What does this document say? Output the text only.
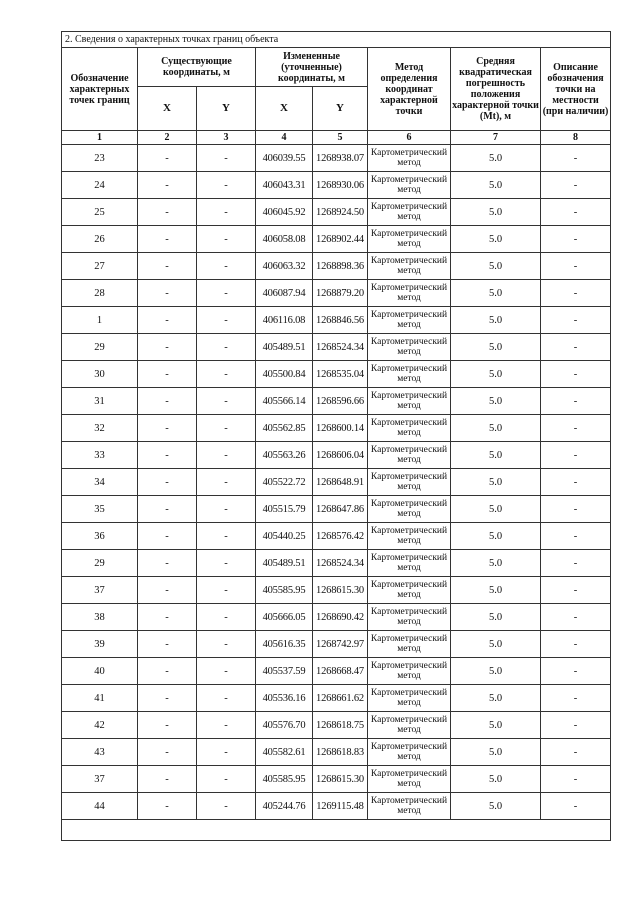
2. Сведения о характерных точках границ объекта							
Обозначение характерных точек границ	Существующие координаты, м		Измененные (уточненные) координаты, м		Метод определения координат характерной точки	Средняя квадратическая погрешность положения характерной точки (Mt), м	Описание обозначения точки на местности (при наличии)
	X	Y	X	Y			
1	2	3	4	5	6	7	8
23	-	-	406039.55	1268938.07	Картометрический метод	5.0	-
24	-	-	406043.31	1268930.06	Картометрический метод	5.0	-
25	-	-	406045.92	1268924.50	Картометрический метод	5.0	-
26	-	-	406058.08	1268902.44	Картометрический метод	5.0	-
27	-	-	406063.32	1268898.36	Картометрический метод	5.0	-
28	-	-	406087.94	1268879.20	Картометрический метод	5.0	-
1	-	-	406116.08	1268846.56	Картометрический метод	5.0	-
29	-	-	405489.51	1268524.34	Картометрический метод	5.0	-
30	-	-	405500.84	1268535.04	Картометрический метод	5.0	-
31	-	-	405566.14	1268596.66	Картометрический метод	5.0	-
32	-	-	405562.85	1268600.14	Картометрический метод	5.0	-
33	-	-	405563.26	1268606.04	Картометрический метод	5.0	-
34	-	-	405522.72	1268648.91	Картометрический метод	5.0	-
35	-	-	405515.79	1268647.86	Картометрический метод	5.0	-
36	-	-	405440.25	1268576.42	Картометрический метод	5.0	-
29	-	-	405489.51	1268524.34	Картометрический метод	5.0	-
37	-	-	405585.95	1268615.30	Картометрический метод	5.0	-
38	-	-	405666.05	1268690.42	Картометрический метод	5.0	-
39	-	-	405616.35	1268742.97	Картометрический метод	5.0	-
40	-	-	405537.59	1268668.47	Картометрический метод	5.0	-
41	-	-	405536.16	1268661.62	Картометрический метод	5.0	-
42	-	-	405576.70	1268618.75	Картометрический метод	5.0	-
43	-	-	405582.61	1268618.83	Картометрический метод	5.0	-
37	-	-	405585.95	1268615.30	Картометрический метод	5.0	-
44	-	-	405244.76	1269115.48	Картометрический метод	5.0	-
